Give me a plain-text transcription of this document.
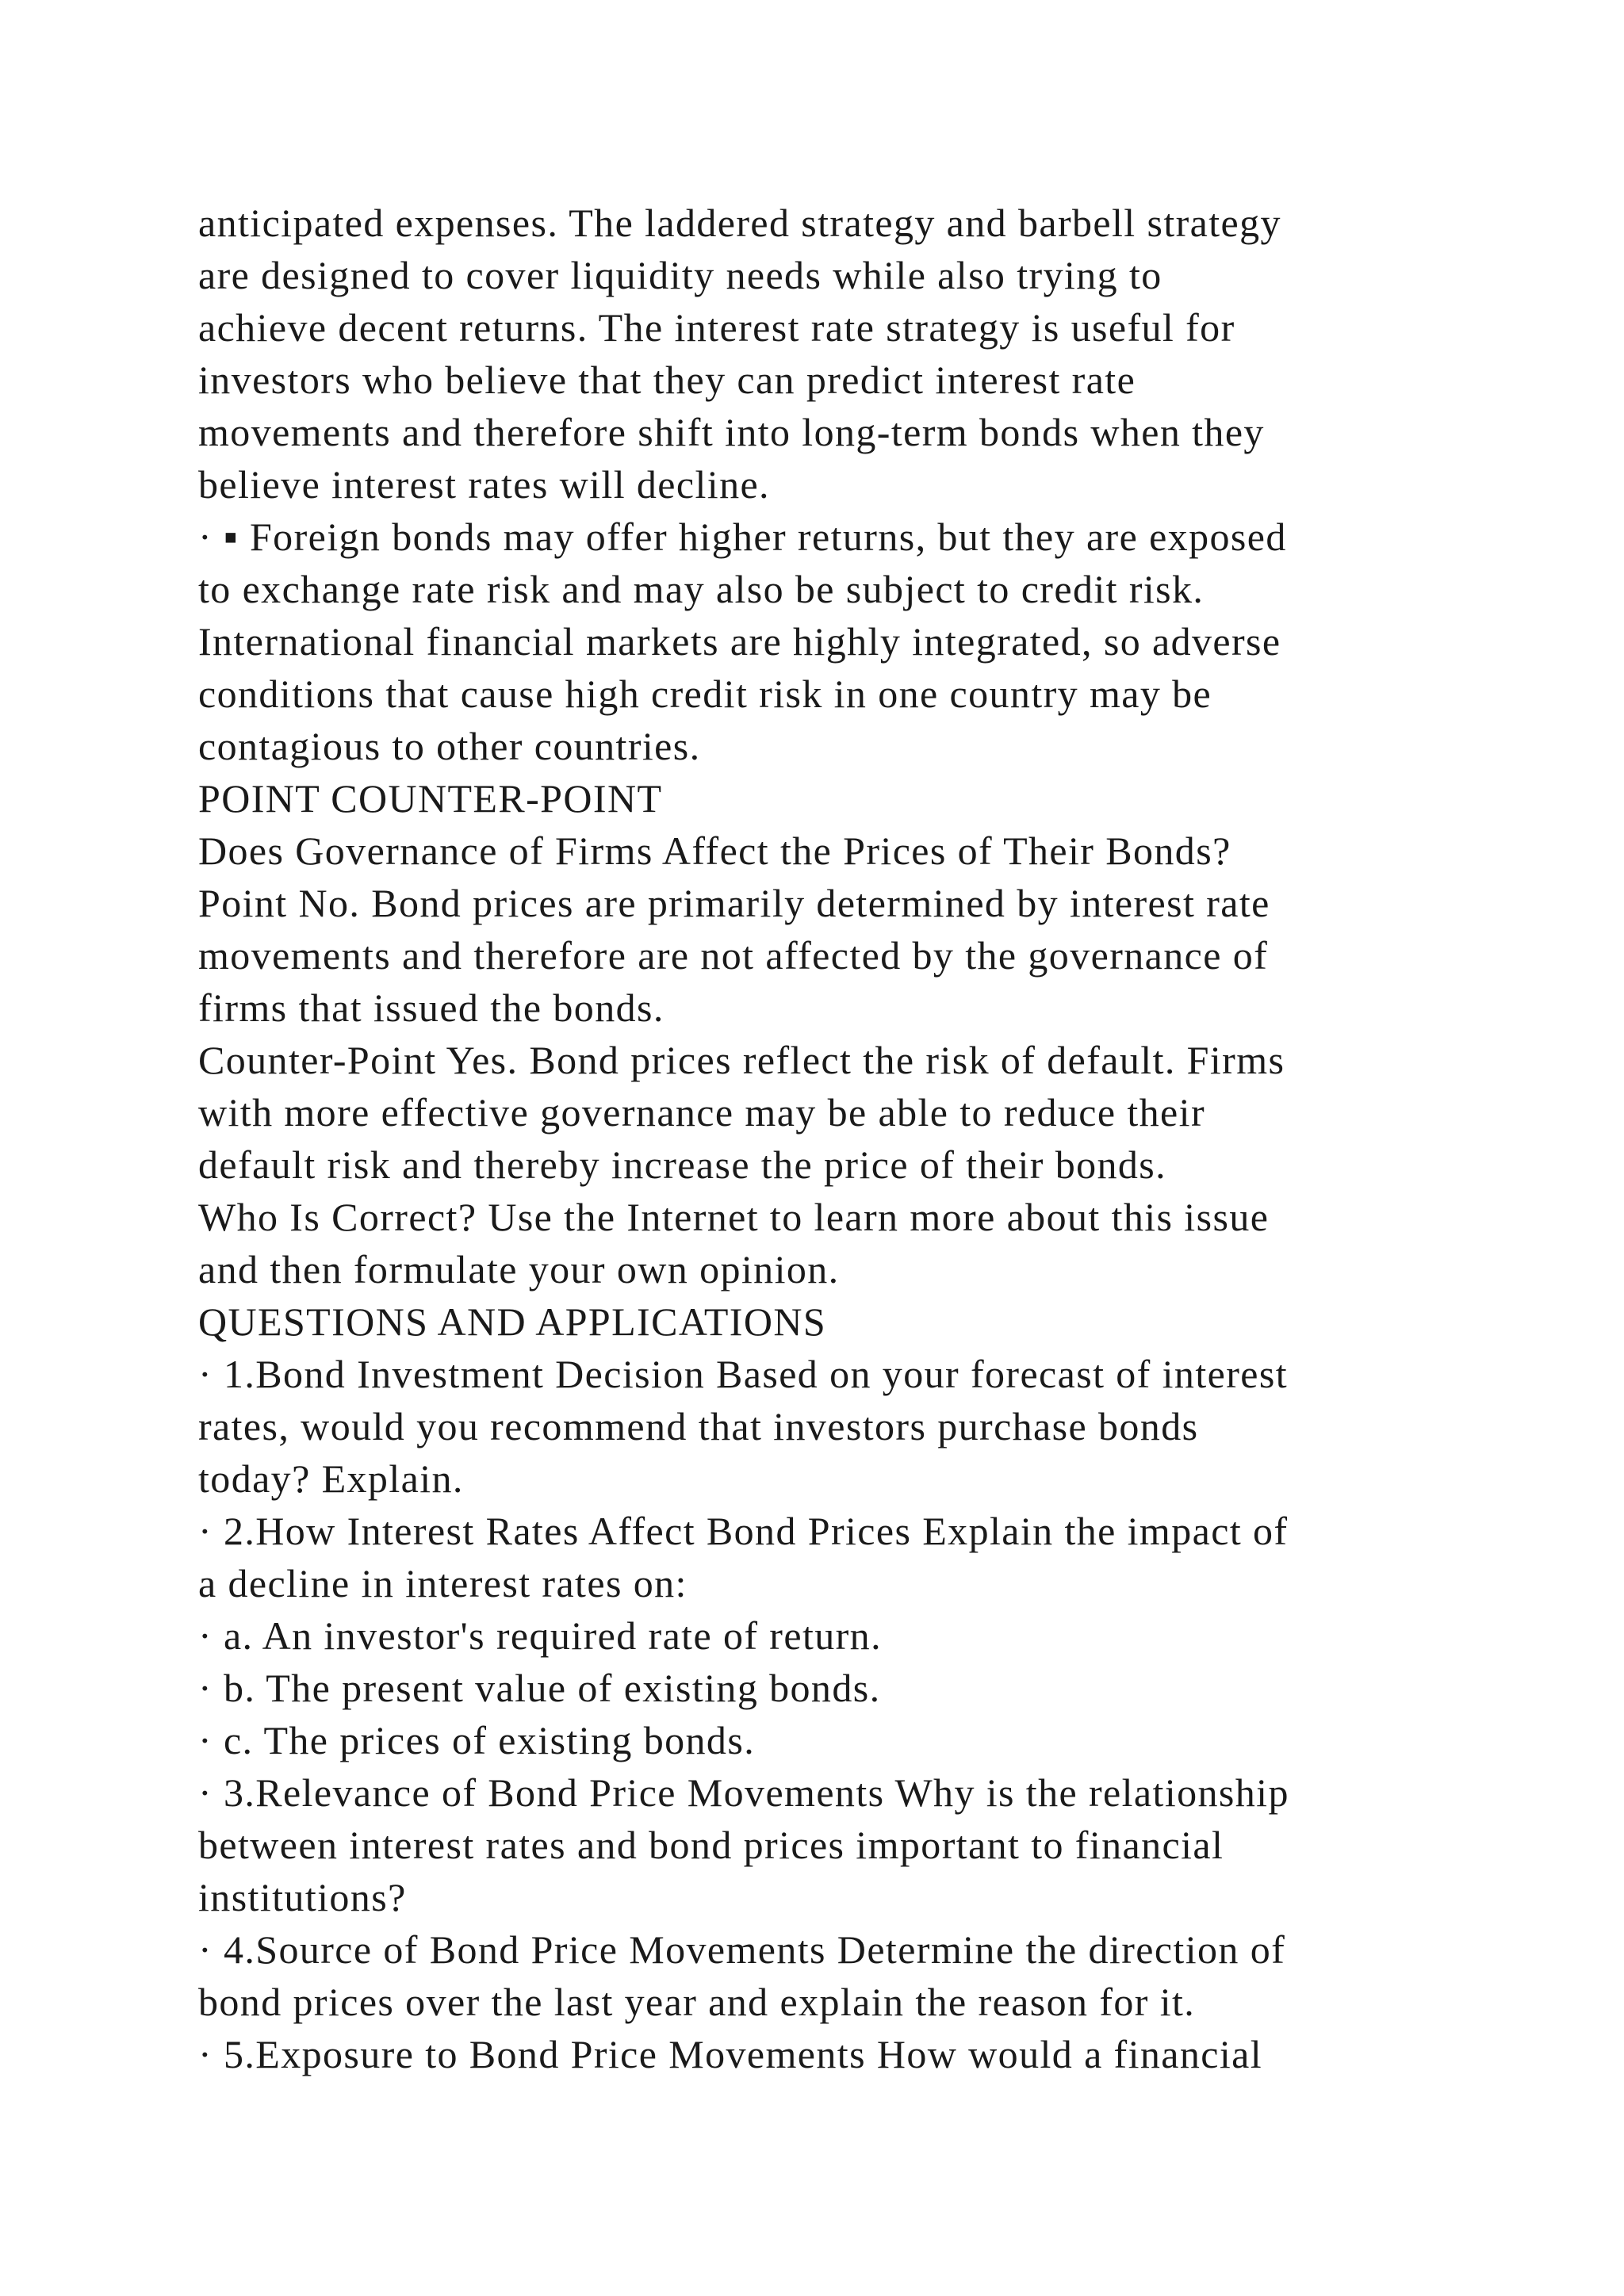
anticipated expenses. The laddered strategy and barbell strategy
are designed to cover liquidity needs while also trying to
achieve decent returns. The interest rate strategy is useful for
investors who believe that they can predict interest rate
movements and therefore shift into long-term bonds when they
believe interest rates will decline.
· ▪ Foreign bonds may offer higher returns, but they are exposed
to exchange rate risk and may also be subject to credit risk.
International financial markets are highly integrated, so adverse
conditions that cause high credit risk in one country may be
contagious to other countries.
POINT COUNTER-POINT
Does Governance of Firms Affect the Prices of Their Bonds?
Point No. Bond prices are primarily determined by interest rate
movements and therefore are not affected by the governance of
firms that issued the bonds.
Counter-Point Yes. Bond prices reflect the risk of default. Firms
with more effective governance may be able to reduce their
default risk and thereby increase the price of their bonds.
Who Is Correct? Use the Internet to learn more about this issue
and then formulate your own opinion.
QUESTIONS AND APPLICATIONS
· 1.Bond Investment Decision Based on your forecast of interest
rates, would you recommend that investors purchase bonds
today? Explain.
· 2.How Interest Rates Affect Bond Prices Explain the impact of
a decline in interest rates on:
· a. An investor's required rate of return.
· b. The present value of existing bonds.
· c. The prices of existing bonds.
· 3.Relevance of Bond Price Movements Why is the relationship
between interest rates and bond prices important to financial
institutions?
· 4.Source of Bond Price Movements Determine the direction of
bond prices over the last year and explain the reason for it.
· 5.Exposure to Bond Price Movements How would a financial
